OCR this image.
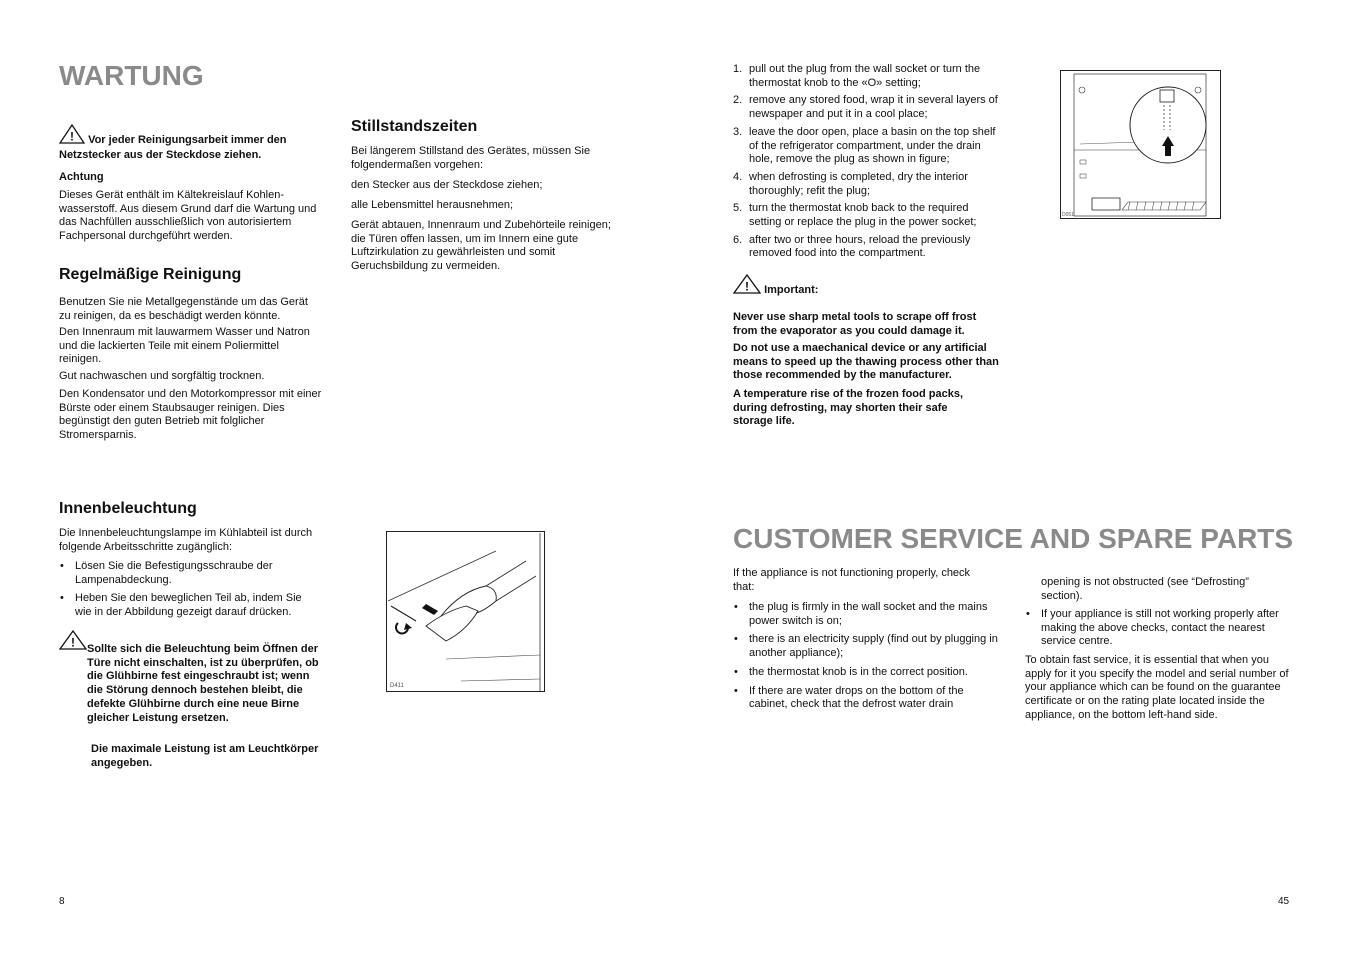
WARTUNG
! Vor jeder Reinigungsarbeit immer den Netzstecker aus der Steckdose ziehen.
Achtung

Dieses Gerät enthält im Kältekreislauf Kohlenwasserstoff. Aus diesem Grund darf die Wartung und das Nachfüllen ausschließlich von autorisiertem Fachpersonal durchgeführt werden.

Regelmäßige Reinigung

Benutzen Sie nie Metallgegenstände um das Gerät zu reinigen, da es beschädigt werden könnte.

Den Innenraum mit lauwarmem Wasser und Natron und die lackierten Teile mit einem Poliermittel reinigen.

Gut nachwaschen und sorgfältig trocknen.

Den Kondensator und den Motorkompressor mit einer Bürste oder einem Staubsauger reinigen. Dies begünstigt den guten Betrieb mit folglicher Stromersparnis.

Stillstandszeiten

Bei längerem Stillstand des Gerätes, müssen Sie folgendermaßen vorgehen:

den Stecker aus der Steckdose ziehen;

alle Lebensmittel herausnehmen;

Gerät abtauen, Innenraum und Zubehörteile reinigen; die Türen offen lassen, um im Innern eine gute Luftzirkulation zu gewährleisten und somit Geruchsbildung zu vermeiden.

Innenbeleuchtung

Die Innenbeleuchtungslampe im Kühlabteil ist durch folgende Arbeitsschritte zugänglich:

• Lösen Sie die Befestigungsschraube der Lampenabdeckung.
• Heben Sie den beweglichen Teil ab, indem Sie wie in der Abbildung gezeigt darauf drücken.
! Sollte sich die Beleuchtung beim Öffnen der Türe nicht einschalten, ist zu überprüfen, ob die Glühbirne fest eingeschraubt ist; wenn die Störung dennoch bestehen bleibt, die defekte Glühbirne durch eine neue Birne gleicher Leistung ersetzen.

Die maximale Leistung ist am Leuchtkörper angegeben.

D411
8
1. pull out the plug from the wall socket or turn the thermostat knob to the «O» setting;
2. remove any stored food, wrap it in several layers of newspaper and put it in a cool place;
3. leave the door open, place a basin on the top shelf of the refrigerator compartment, under the drain hole, remove the plug as shown in figure;
4. when defrosting is completed, dry the interior thoroughly; refit the plug;
5. turn the thermostat knob back to the required setting or replace the plug in the power socket;
6. after two or three hours, reload the previously removed food into the compartment.
! Important:

Never use sharp metal tools to scrape off frost from the evaporator as you could damage it.

Do not use a maechanical device or any artificial means to speed up the thawing process other than those recommended by the manufacturer.

A temperature rise of the frozen food packs, during defrosting, may shorten their safe storage life.

D051
CUSTOMER SERVICE AND SPARE PARTS

If the appliance is not functioning properly, check that:

• the plug is firmly in the wall socket and the mains power switch is on;
• there is an electricity supply (find out by plugging in another appliance);
• the thermostat knob is in the correct position.
• If there are water drops on the bottom of the cabinet, check that the defrost water drain

opening is not obstructed (see “Defrosting” section).

• If your appliance is still not working properly after making the above checks, contact the nearest service centre.

To obtain fast service, it is essential that when you apply for it you specify the model and serial number of your appliance which can be found on the guarantee certificate or on the rating plate located inside the appliance, on the bottom left-hand side.

45
